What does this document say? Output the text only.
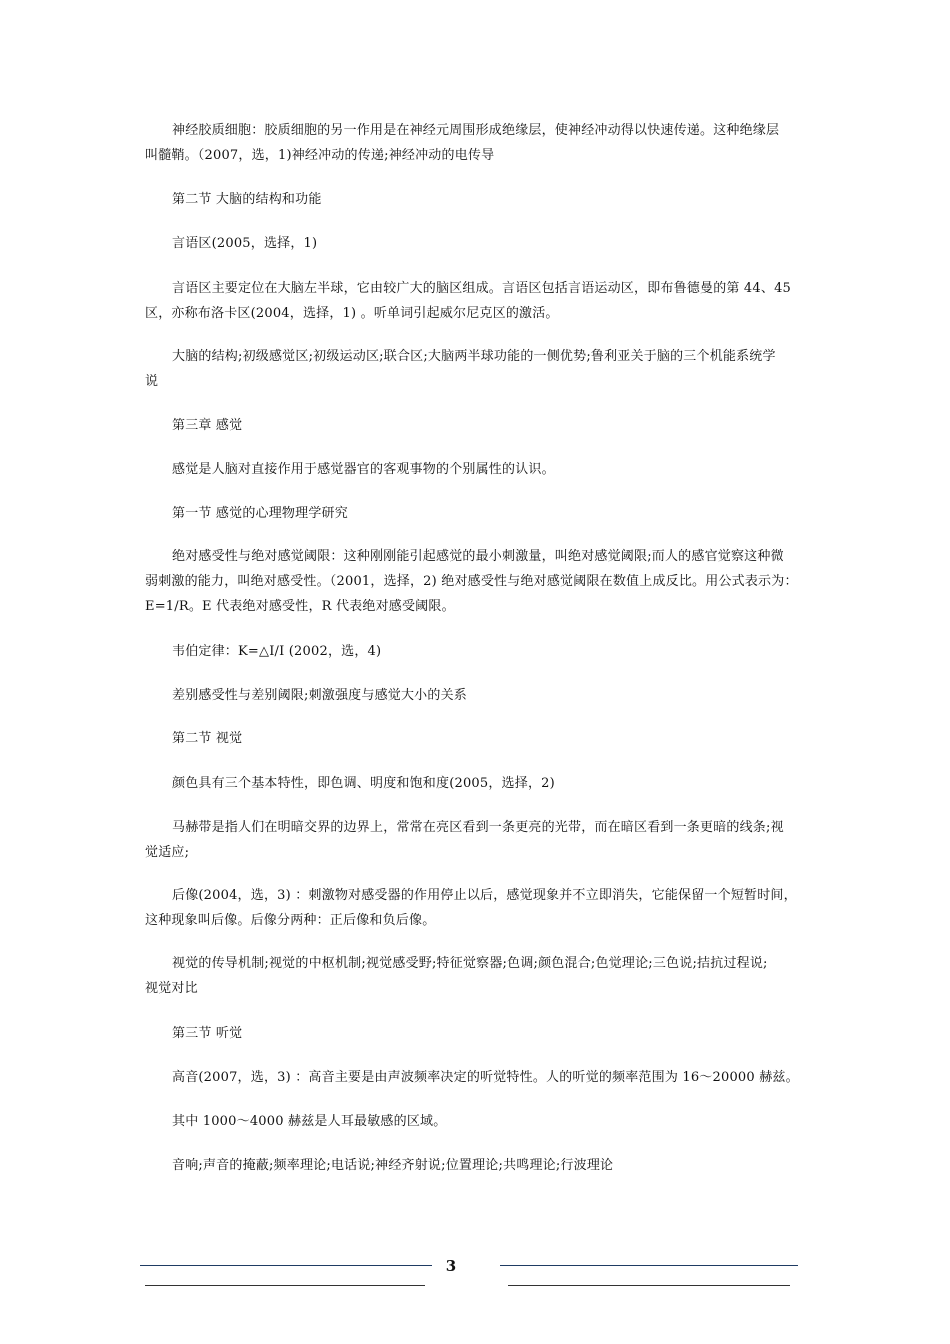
神经胶质细胞：胶质细胞的另一作用是在神经元周围形成绝缘层，使神经冲动得以快速传递。这种绝缘层
叫髓鞘。（2007，选，1)神经冲动的传递;神经冲动的电传导
第二节 大脑的结构和功能
言语区(2005，选择，1)
言语区主要定位在大脑左半球，它由较广大的脑区组成。言语区包括言语运动区，即布鲁德曼的第 44、45
区，亦称布洛卡区(2004，选择，1) 。听单词引起威尔尼克区的激活。
大脑的结构;初级感觉区;初级运动区;联合区;大脑两半球功能的一侧优势;鲁利亚关于脑的三个机能系统学
说
第三章 感觉
感觉是人脑对直接作用于感觉器官的客观事物的个别属性的认识。
第一节 感觉的心理物理学研究
绝对感受性与绝对感觉阈限：这种刚刚能引起感觉的最小刺激量，叫绝对感觉阈限;而人的感官觉察这种微
弱刺激的能力，叫绝对感受性。（2001，选择，2) 绝对感受性与绝对感觉阈限在数值上成反比。用公式表示为：
E=1/R。E 代表绝对感受性，R 代表绝对感受阈限。
韦伯定律：K=△I/I (2002，选，4)
差别感受性与差别阈限;刺激强度与感觉大小的关系
第二节 视觉
颜色具有三个基本特性，即色调、明度和饱和度(2005，选择，2)
马赫带是指人们在明暗交界的边界上，常常在亮区看到一条更亮的光带，而在暗区看到一条更暗的线条;视
觉适应;
后像(2004，选，3) ：刺激物对感受器的作用停止以后，感觉现象并不立即消失，它能保留一个短暂时间，
这种现象叫后像。后像分两种：正后像和负后像。
视觉的传导机制;视觉的中枢机制;视觉感受野;特征觉察器;色调;颜色混合;色觉理论;三色说;拮抗过程说;
视觉对比
第三节 听觉
高音(2007，选，3) ：高音主要是由声波频率决定的听觉特性。人的听觉的频率范围为 16～20000 赫兹。
其中 1000～4000 赫兹是人耳最敏感的区域。
音响;声音的掩蔽;频率理论;电话说;神经齐射说;位置理论;共鸣理论;行波理论
3
